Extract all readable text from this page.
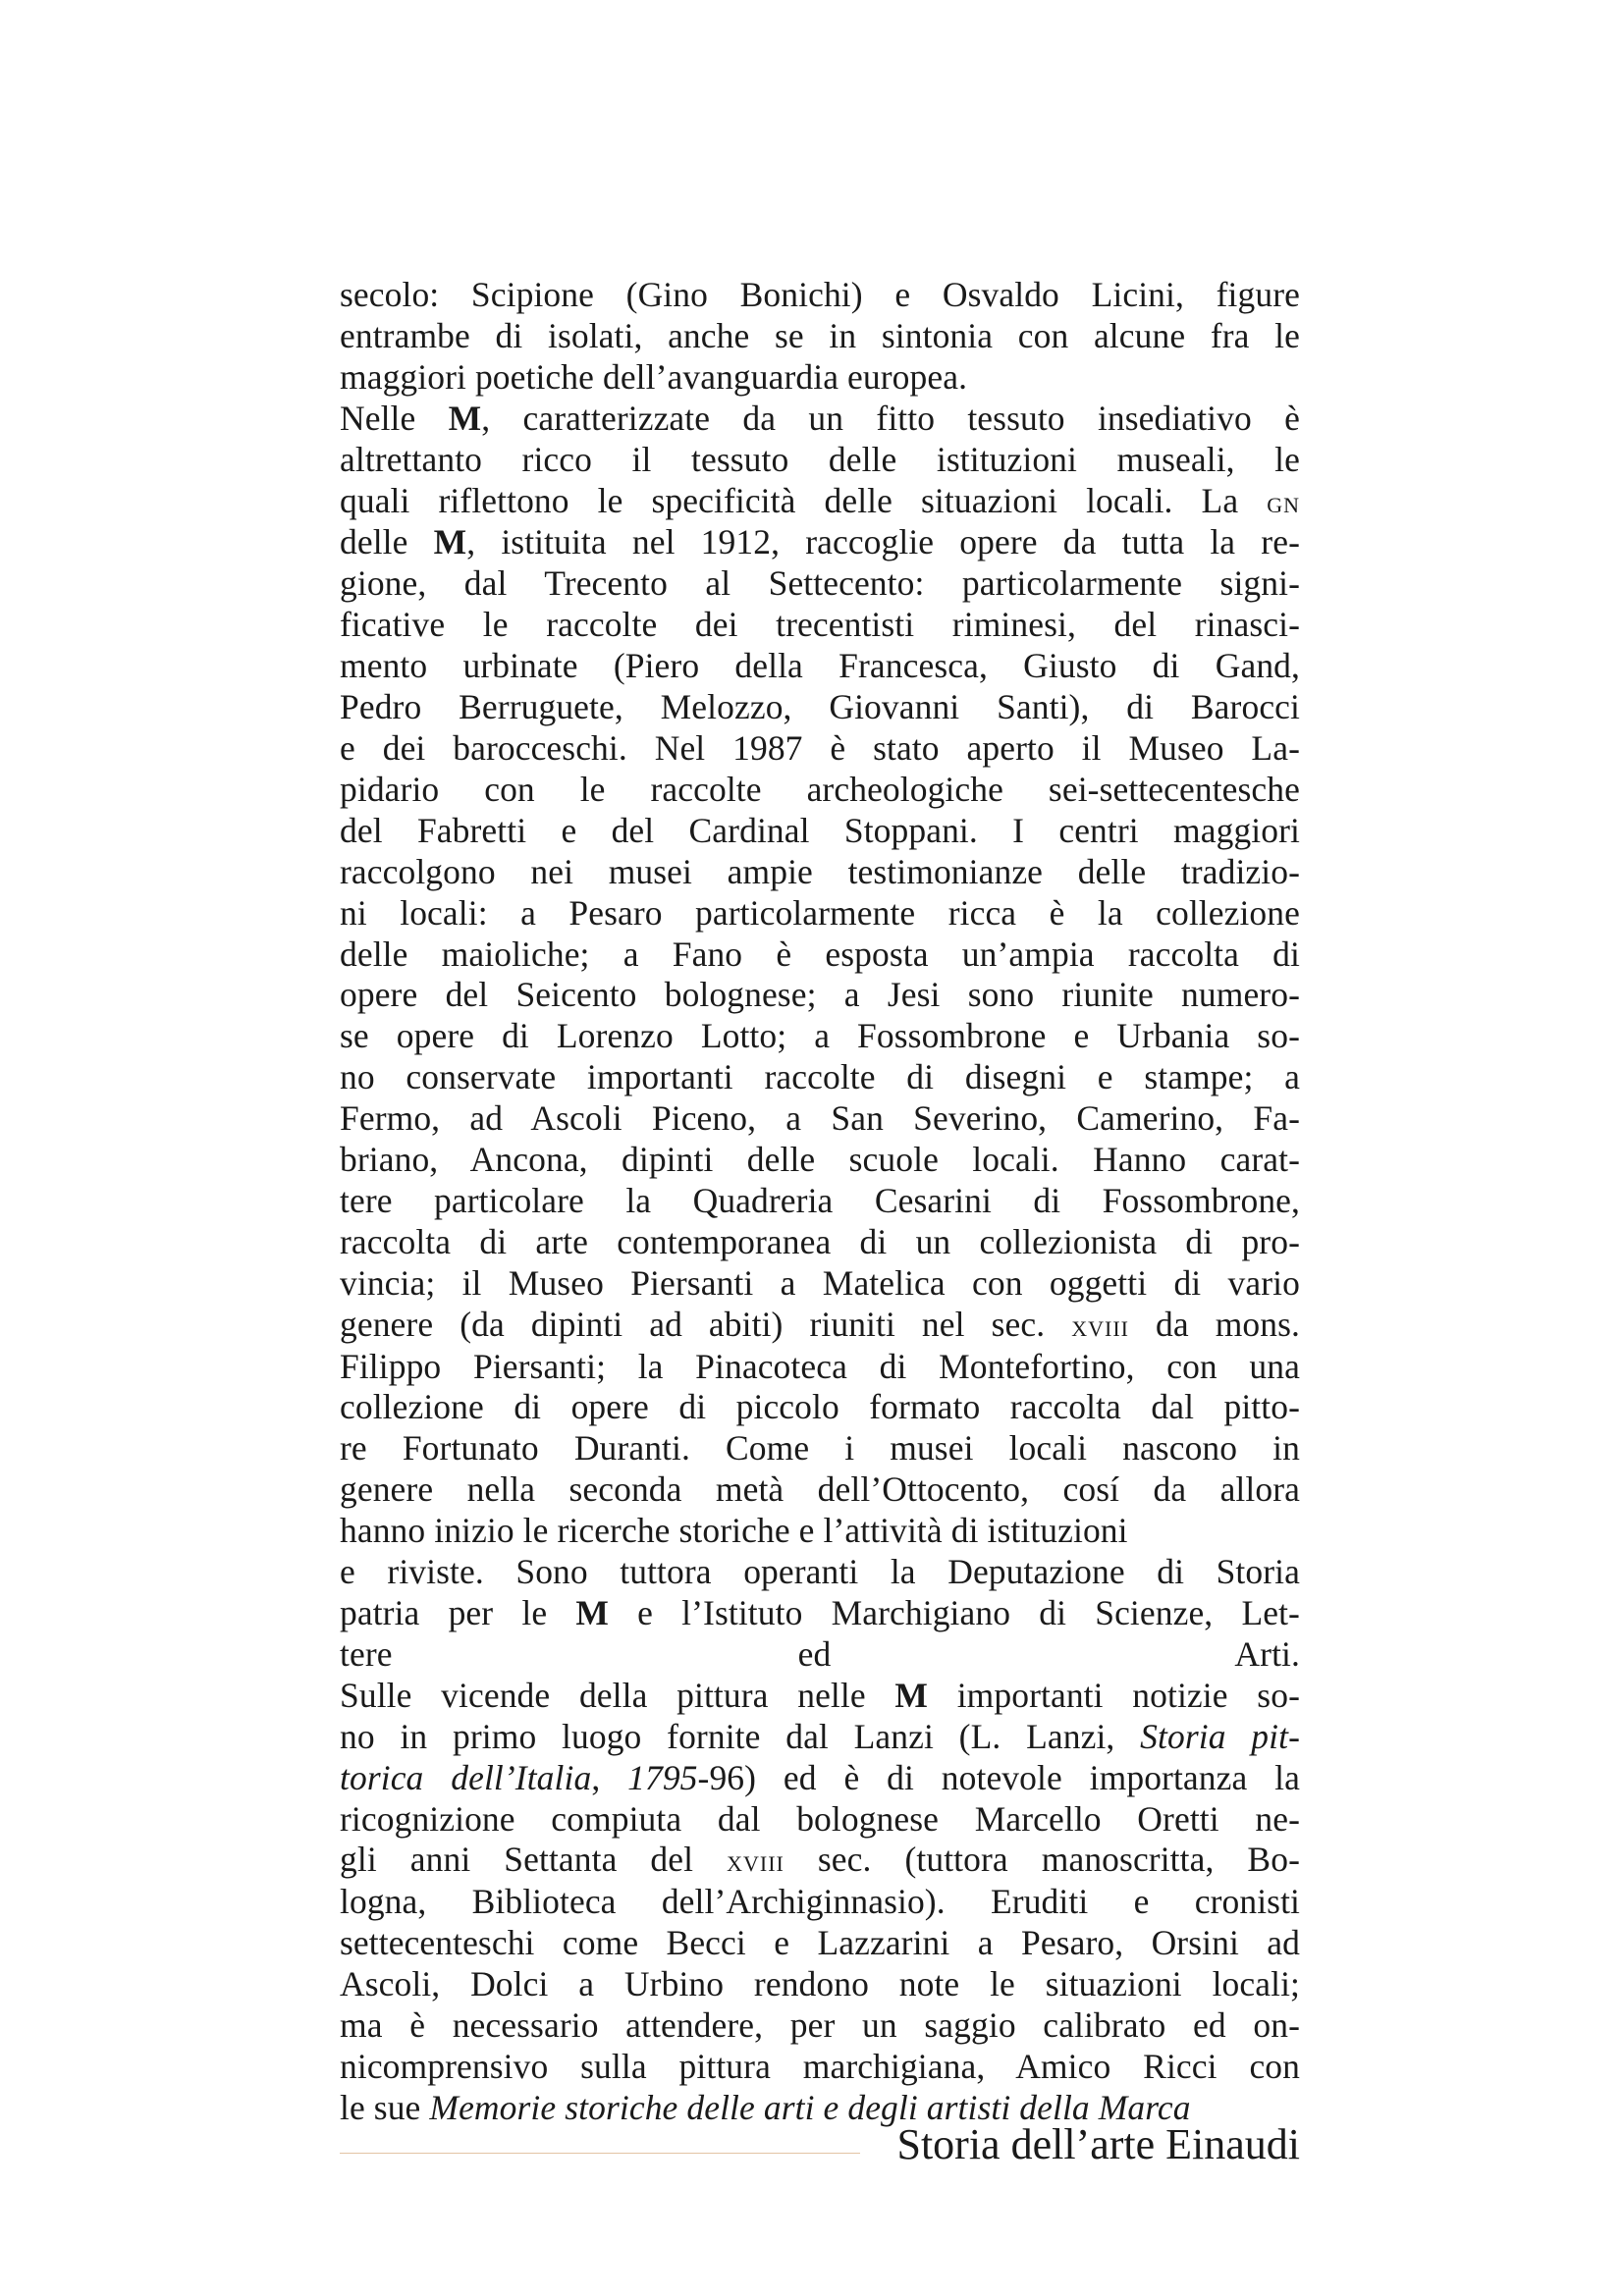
secolo: Scipione (Gino Bonichi) e Osvaldo Licini, figure
entrambe di isolati, anche se in sintonia con alcune fra le
maggiori poetiche dell’avanguardia europea.
Nelle M, caratterizzate da un fitto tessuto insediativo è
altrettanto ricco il tessuto delle istituzioni museali, le
quali riflettono le specificità delle situazioni locali. La gn
delle M, istituita nel 1912, raccoglie opere da tutta la re-
gione, dal Trecento al Settecento: particolarmente signi-
ficative le raccolte dei trecentisti riminesi, del rinasci-
mento urbinate (Piero della Francesca, Giusto di Gand,
Pedro Berruguete, Melozzo, Giovanni Santi), di Barocci
e dei barocceschi. Nel 1987 è stato aperto il Museo La-
pidario con le raccolte archeologiche sei-settecentesche
del Fabretti e del Cardinal Stoppani. I centri maggiori
raccolgono nei musei ampie testimonianze delle tradizio-
ni locali: a Pesaro particolarmente ricca è la collezione
delle maioliche; a Fano è esposta un’ampia raccolta di
opere del Seicento bolognese; a Jesi sono riunite numero-
se opere di Lorenzo Lotto; a Fossombrone e Urbania so-
no conservate importanti raccolte di disegni e stampe; a
Fermo, ad Ascoli Piceno, a San Severino, Camerino, Fa-
briano, Ancona, dipinti delle scuole locali. Hanno carat-
tere particolare la Quadreria Cesarini di Fossombrone,
raccolta di arte contemporanea di un collezionista di pro-
vincia; il Museo Piersanti a Matelica con oggetti di vario
genere (da dipinti ad abiti) riuniti nel sec. xviii da mons.
Filippo Piersanti; la Pinacoteca di Montefortino, con una
collezione di opere di piccolo formato raccolta dal pitto-
re Fortunato Duranti. Come i musei locali nascono in
genere nella seconda metà dell’Ottocento, cosí da allora
hanno inizio le ricerche storiche e l’attività di istituzioni
e riviste. Sono tuttora operanti la Deputazione di Storia
patria per le M e l’Istituto Marchigiano di Scienze, Let-
tere ed Arti.
Sulle vicende della pittura nelle M importanti notizie so-
no in primo luogo fornite dal Lanzi (L. Lanzi, Storia pit-
torica dell’Italia, 1795-96) ed è di notevole importanza la
ricognizione compiuta dal bolognese Marcello Oretti ne-
gli anni Settanta del xviii sec. (tuttora manoscritta, Bo-
logna, Biblioteca dell’Archiginnasio). Eruditi e cronisti
settecenteschi come Becci e Lazzarini a Pesaro, Orsini ad
Ascoli, Dolci a Urbino rendono note le situazioni locali;
ma è necessario attendere, per un saggio calibrato ed on-
nicomprensivo sulla pittura marchigiana, Amico Ricci con
le sue Memorie storiche delle arti e degli artisti della Marca
Storia dell’arte Einaudi
